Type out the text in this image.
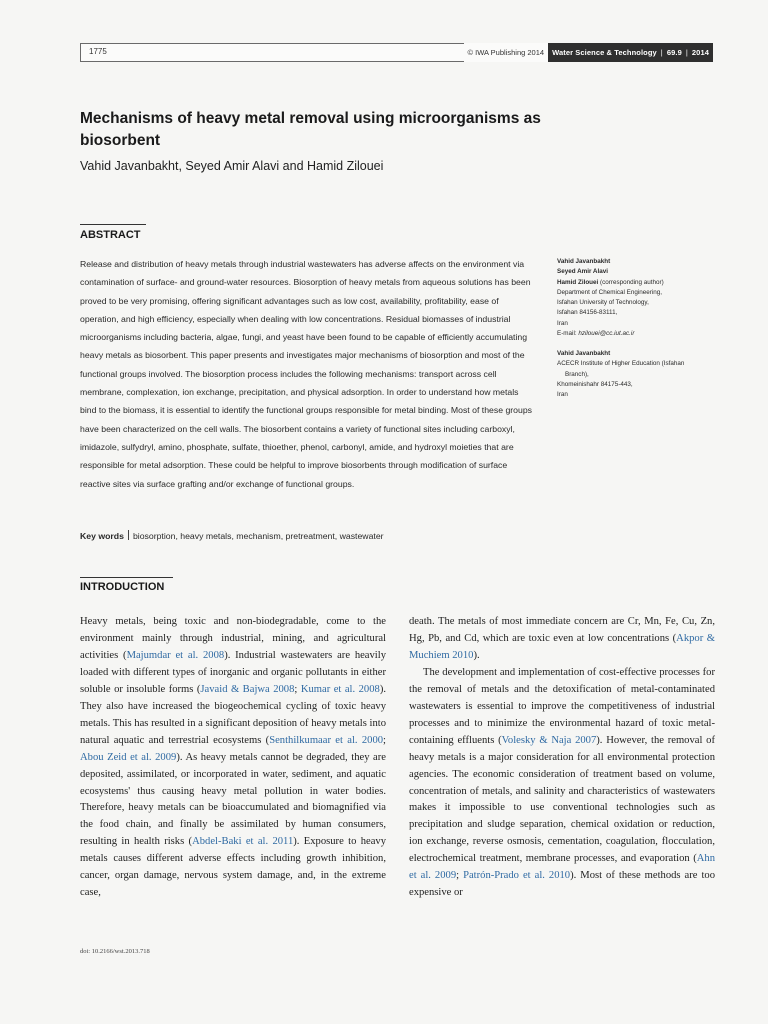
1775	© IWA Publishing 2014	Water Science & Technology | 69.9 | 2014
Mechanisms of heavy metal removal using microorganisms as biosorbent
Vahid Javanbakht, Seyed Amir Alavi and Hamid Zilouei
ABSTRACT
Release and distribution of heavy metals through industrial wastewaters has adverse affects on the environment via contamination of surface- and ground-water resources. Biosorption of heavy metals from aqueous solutions has been proved to be very promising, offering significant advantages such as low cost, availability, profitability, ease of operation, and high efficiency, especially when dealing with low concentrations. Residual biomasses of industrial microorganisms including bacteria, algae, fungi, and yeast have been found to be capable of efficiently accumulating heavy metals as biosorbent. This paper presents and investigates major mechanisms of biosorption and most of the functional groups involved. The biosorption process includes the following mechanisms: transport across cell membrane, complexation, ion exchange, precipitation, and physical adsorption. In order to understand how metals bind to the biomass, it is essential to identify the functional groups responsible for metal binding. Most of these groups have been characterized on the cell walls. The biosorbent contains a variety of functional sites including carboxyl, imidazole, sulfydryl, amino, phosphate, sulfate, thioether, phenol, carbonyl, amide, and hydroxyl moieties that are responsible for metal adsorption. These could be helpful to improve biosorbents through modification of surface reactive sites via surface grafting and/or exchange of functional groups.
Key words biosorption, heavy metals, mechanism, pretreatment, wastewater
Vahid Javanbakht
Seyed Amir Alavi
Hamid Zilouei (corresponding author)
Department of Chemical Engineering,
Isfahan University of Technology,
Isfahan 84156-83111,
Iran
E-mail: hzilouei@cc.iut.ac.ir
Vahid Javanbakht
ACECR Institute of Higher Education (Isfahan
Branch),
Khomeinishahr 84175-443,
Iran
INTRODUCTION

Heavy metals, being toxic and non-biodegradable, come to the environment mainly through industrial, mining, and agricultural activities (Majumdar et al. 2008). Industrial wastewaters are heavily loaded with different types of inorganic and organic pollutants in either soluble or insoluble forms (Javaid & Bajwa 2008; Kumar et al. 2008). They also have increased the biogeochemical cycling of toxic heavy metals. This has resulted in a significant deposition of heavy metals into natural aquatic and terrestrial ecosystems (Senthilkumaar et al. 2000; Abou Zeid et al. 2009). As heavy metals cannot be degraded, they are deposited, assimilated, or incorporated in water, sediment, and aquatic ecosystems' thus causing heavy metal pollution in water bodies. Therefore, heavy metals can be bioaccumulated and biomagnified via the food chain, and finally be assimilated by human consumers, resulting in health risks (Abdel-Baki et al. 2011). Exposure to heavy metals causes different adverse effects including growth inhibition, cancer, organ damage, nervous system damage, and, in the extreme case,

death. The metals of most immediate concern are Cr, Mn, Fe, Cu, Zn, Hg, Pb, and Cd, which are toxic even at low concentrations (Akpor & Muchiem 2010).

The development and implementation of cost-effective processes for the removal of metals and the detoxification of metal-contaminated wastewaters is essential to improve the competitiveness of industrial processes and to minimize the environmental hazard of toxic metal-containing effluents (Volesky & Naja 2007). However, the removal of heavy metals is a major consideration for all environmental protection agencies. The economic consideration of treatment based on volume, concentration of metals, and salinity and characteristics of wastewaters makes it impossible to use conventional technologies such as precipitation and sludge separation, chemical oxidation or reduction, ion exchange, reverse osmosis, cementation, coagulation, flocculation, electrochemical treatment, membrane processes, and evaporation (Ahn et al. 2009; Patrón-Prado et al. 2010). Most of these methods are too expensive or

doi: 10.2166/wst.2013.718
